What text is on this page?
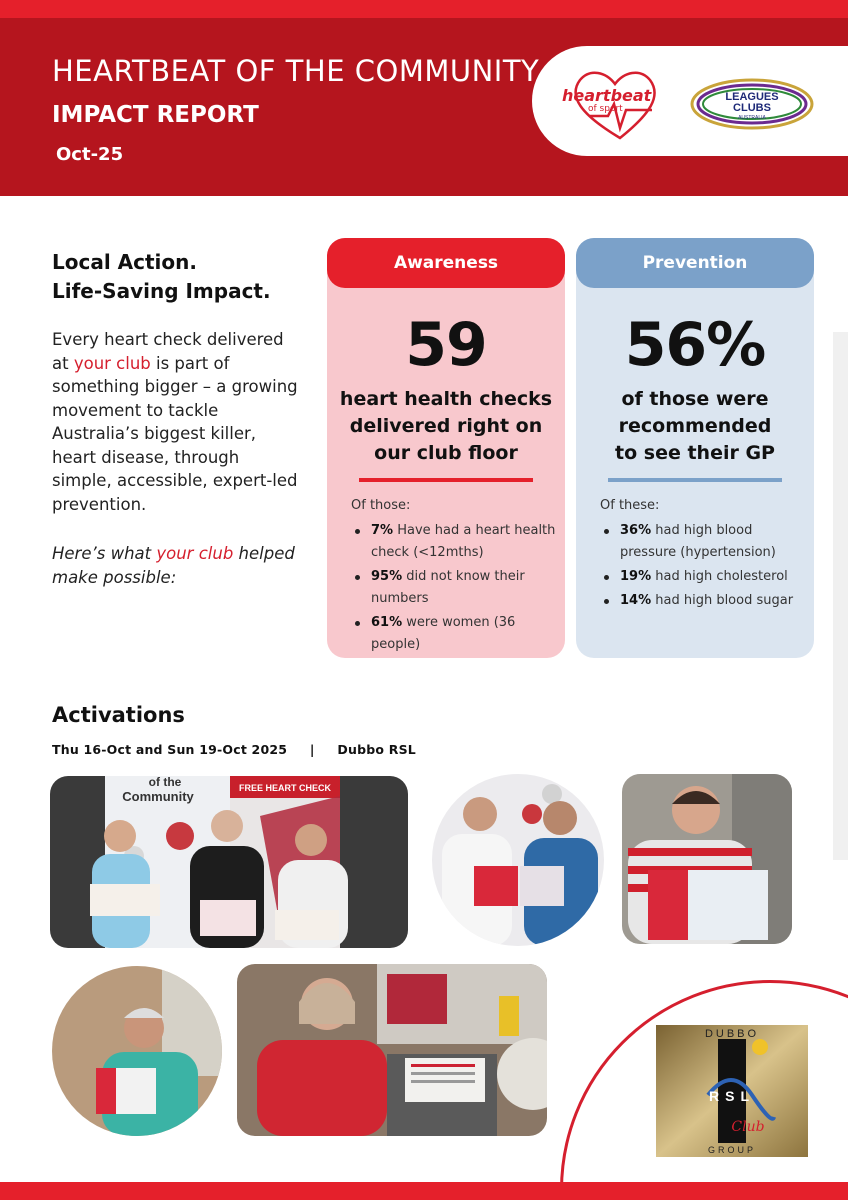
HEARTBEAT OF THE COMMUNITY
IMPACT REPORT
Oct-25
heartbeat
of sport
LEAGUES
CLUBS
AUSTRALIA
Local Action.
Life-Saving Impact.

Every heart check delivered at your club is part of something bigger – a growing movement to tackle Australia’s biggest killer, heart disease, through simple, accessible, expert-led prevention.

Here’s what your club helped make possible:

Awareness
59
heart health checks
delivered right on
our club floor
Of those:
7% Have had a heart health check (<12mths)
95% did not know their numbers
61% were women (36 people)
Prevention
56%
of those were
recommended
to see their GP
Of these:
36% had high blood pressure (hypertension)
19% had high cholesterol
14% had high blood sugar
Activations
Thu 16-Oct and Sun 19-Oct 2025     |     Dubbo RSL
of the
Community
FREE HEART CHECK
DUBBO
RSL
Club
GROUP
